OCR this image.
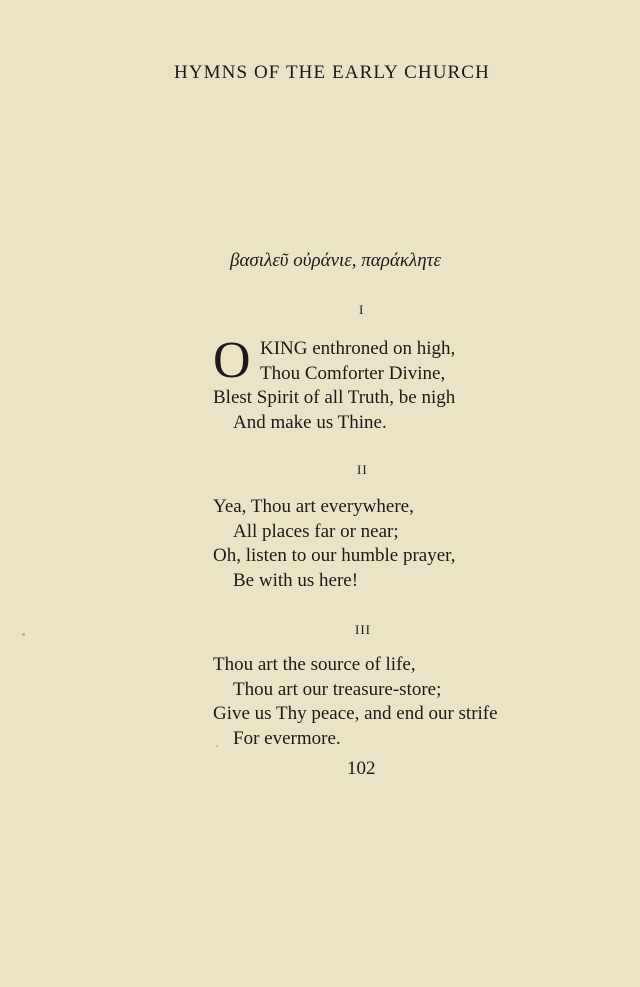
HYMNS OF THE EARLY CHURCH
βασιλεῦ οὐράνιε, παράκλητε
I
O KING enthroned on high,
Thou Comforter Divine,
Blest Spirit of all Truth, be nigh
And make us Thine.
II
Yea, Thou art everywhere,
All places far or near;
Oh, listen to our humble prayer,
Be with us here!
III
Thou art the source of life,
Thou art our treasure-store;
Give us Thy peace, and end our strife
For evermore.
102
